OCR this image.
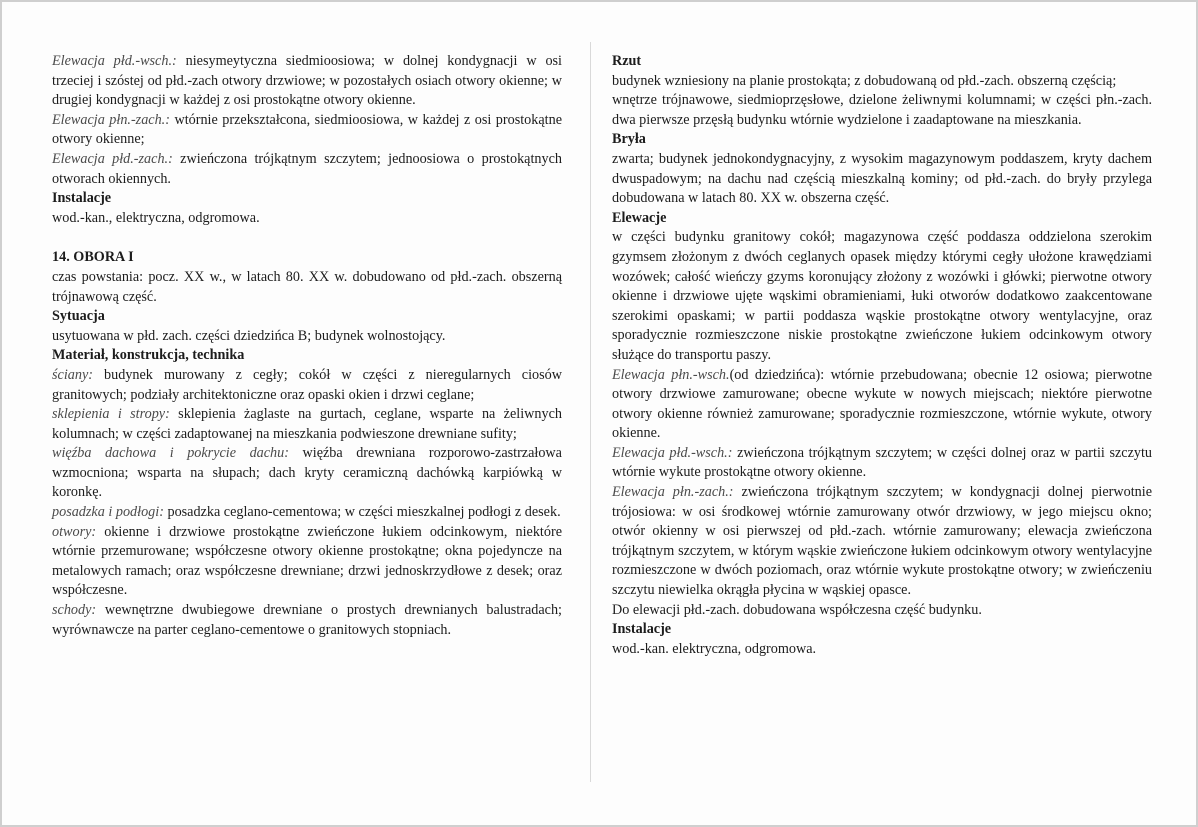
Elewacja płd.-wsch.: niesymeytyczna siedmioosiowa; w dolnej kondygnacji w osi trzeciej i szóstej od płd.-zach otwory drzwiowe; w pozostałych osiach otwory okienne; w drugiej kondygnacji w każdej z osi prostokątne otwory okienne.

Elewacja płn.-zach.: wtórnie przekształcona, siedmioosiowa, w każdej z osi prostokątne otwory okienne;

Elewacja płd.-zach.: zwieńczona trójkątnym szczytem; jednoosiowa o prostokątnych otworach okiennych.

Instalacje

wod.-kan., elektryczna, odgromowa.

14. OBORA I

czas powstania: pocz. XX w., w latach 80. XX w. dobudowano od płd.-zach. obszerną trójnawową część.

Sytuacja

usytuowana w płd. zach. części dziedzińca B; budynek wolnostojący.

Materiał, konstrukcja, technika

ściany: budynek murowany z cegły; cokół w części z nieregularnych ciosów granitowych; podziały architektoniczne oraz opaski okien i drzwi ceglane;

sklepienia i stropy: sklepienia żaglaste na gurtach, ceglane, wsparte na żeliwnych kolumnach; w części zadaptowanej na mieszkania podwieszone drewniane sufity;

więźba dachowa i pokrycie dachu: więźba drewniana rozporowo-zastrzałowa wzmocniona; wsparta na słupach; dach kryty ceramiczną dachówką karpiówką w koronkę.

posadzka i podłogi: posadzka ceglano-cementowa; w części mieszkalnej podłogi z desek.

otwory: okienne i drzwiowe prostokątne zwieńczone łukiem odcinkowym, niektóre wtórnie przemurowane; współczesne otwory okienne prostokątne; okna pojedyncze na metalowych ramach; oraz współczesne drewniane; drzwi jednoskrzydłowe z desek; oraz współczesne.

schody: wewnętrzne dwubiegowe drewniane o prostych drewnianych balustradach; wyrównawcze na parter ceglano-cementowe o granitowych stopniach.

Rzut

budynek wzniesiony na planie prostokąta; z dobudowaną od płd.-zach. obszerną częścią;

wnętrze trójnawowe, siedmioprzęsłowe, dzielone żeliwnymi kolumnami; w części płn.-zach. dwa pierwsze przęsłą budynku wtórnie wydzielone i zaadaptowane na mieszkania.

Bryła

zwarta; budynek jednokondygnacyjny, z wysokim magazynowym poddaszem, kryty dachem dwuspadowym; na dachu nad częścią mieszkalną kominy; od płd.-zach. do bryły przylega dobudowana w latach 80. XX w. obszerna część.

Elewacje

w części budynku granitowy cokół; magazynowa część poddasza oddzielona szerokim gzymsem złożonym z dwóch ceglanych opasek między którymi cegły ułożone krawędziami wozówek; całość wieńczy gzyms koronujący złożony z wozówki i główki; pierwotne otwory okienne i drzwiowe ujęte wąskimi obramieniami, łuki otworów dodatkowo zaakcentowane szerokimi opaskami; w partii poddasza wąskie prostokątne otwory wentylacyjne, oraz sporadycznie rozmieszczone niskie prostokątne zwieńczone łukiem odcinkowym otwory służące do transportu paszy.

Elewacja płn.-wsch.(od dziedzińca): wtórnie przebudowana; obecnie 12 osiowa; pierwotne otwory drzwiowe zamurowane; obecne wykute w nowych miejscach; niektóre pierwotne otwory okienne również zamurowane; sporadycznie rozmieszczone, wtórnie wykute, otwory okienne.

Elewacja płd.-wsch.: zwieńczona trójkątnym szczytem; w części dolnej oraz w partii szczytu wtórnie wykute prostokątne otwory okienne.

Elewacja płn.-zach.: zwieńczona trójkątnym szczytem; w kondygnacji dolnej pierwotnie trójosiowa: w osi środkowej wtórnie zamurowany otwór drzwiowy, w jego miejscu okno; otwór okienny w osi pierwszej od płd.-zach. wtórnie zamurowany; elewacja zwieńczona trójkątnym szczytem, w którym wąskie zwieńczone łukiem odcinkowym otwory wentylacyjne rozmieszczone w dwóch poziomach, oraz wtórnie wykute prostokątne otwory; w zwieńczeniu szczytu niewielka okrągła płycina w wąskiej opasce.

Do elewacji płd.-zach. dobudowana współczesna część budynku.

Instalacje

wod.-kan. elektryczna, odgromowa.
